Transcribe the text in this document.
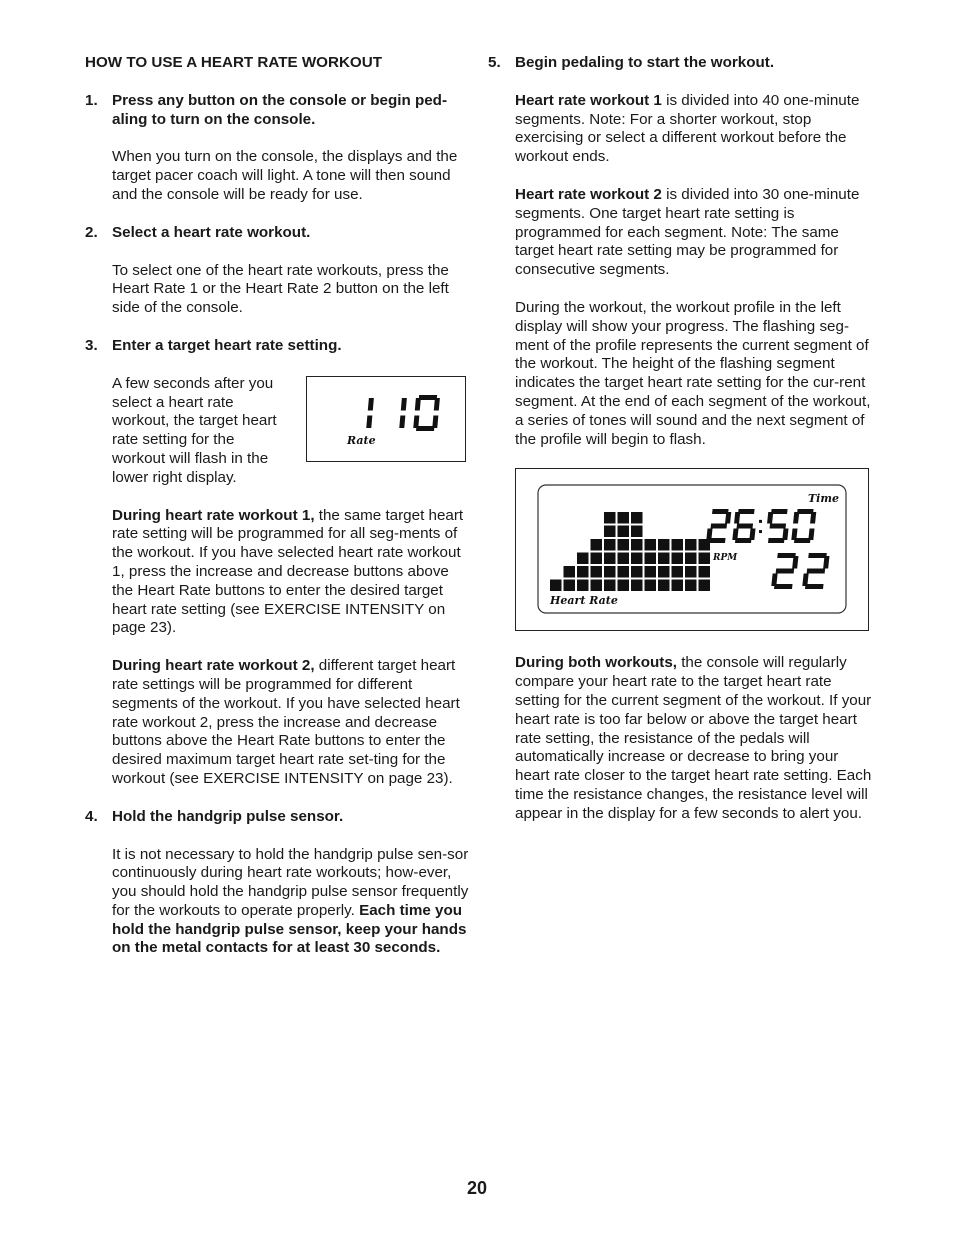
HOW TO USE A HEART RATE WORKOUT
1. Press any button on the console or begin ped-aling to turn on the console.

When you turn on the console, the displays and the target pacer coach will light. A tone will then sound and the console will be ready for use.

2. Select a heart rate workout.

To select one of the heart rate workouts, press the Heart Rate 1 or the Heart Rate 2 button on the left side of the console.

3. Enter a target heart rate setting.

A few seconds after you select a heart rate workout, the target heart rate setting for the workout will flash in the lower right display.

Rate

During heart rate workout 1, the same target heart rate setting will be programmed for all seg-ments of the workout. If you have selected heart rate workout 1, press the increase and decrease buttons above the Heart Rate buttons to enter the desired target heart rate setting (see EXERCISE INTENSITY on page 23).

During heart rate workout 2, different target heart rate settings will be programmed for different segments of the workout. If you have selected heart rate workout 2, press the increase and decrease buttons above the Heart Rate buttons to enter the desired maximum target heart rate set-ting for the workout (see EXERCISE INTENSITY on page 23).

4. Hold the handgrip pulse sensor.

It is not necessary to hold the handgrip pulse sen-sor continuously during heart rate workouts; how-ever, you should hold the handgrip pulse sensor frequently for the workouts to operate properly. Each time you hold the handgrip pulse sensor, keep your hands on the metal contacts for at least 30 seconds.

5. Begin pedaling to start the workout.

Heart rate workout 1 is divided into 40 one-minute segments. Note: For a shorter workout, stop exercising or select a different workout before the workout ends.

Heart rate workout 2 is divided into 30 one-minute segments. One target heart rate setting is programmed for each segment. Note: The same target heart rate setting may be programmed for consecutive segments.

During the workout, the workout profile in the left display will show your progress. The flashing seg-ment of the profile represents the current segment of the workout. The height of the flashing segment indicates the target heart rate setting for the cur-rent segment. At the end of each segment of the workout, a series of tones will sound and the next segment of the profile will begin to flash.

Heart Rate
Time
RPM

During both workouts, the console will regularly compare your heart rate to the target heart rate setting for the current segment of the workout. If your heart rate is too far below or above the target heart rate setting, the resistance of the pedals will automatically increase or decrease to bring your heart rate closer to the target heart rate setting. Each time the resistance changes, the resistance level will appear in the display for a few seconds to alert you.

20
